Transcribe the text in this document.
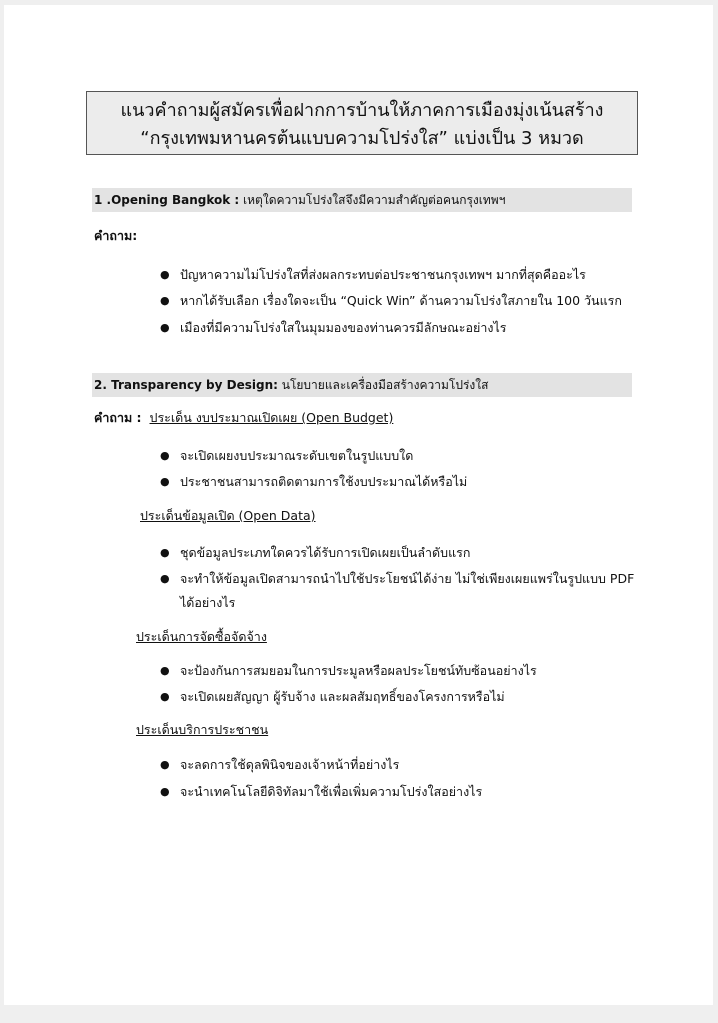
แนวคำถามผู้สมัครเพื่อฝากการบ้านให้ภาคการเมืองมุ่งเน้นสร้าง
“กรุงเทพมหานครต้นแบบความโปร่งใส” แบ่งเป็น 3 หมวด
1 .Opening Bangkok : เหตุใดความโปร่งใสจึงมีความสำคัญต่อคนกรุงเทพฯ
คำถาม:
● ปัญหาความไม่โปร่งใสที่ส่งผลกระทบต่อประชาชนกรุงเทพฯ มากที่สุดคืออะไร
● หากได้รับเลือก เรื่องใดจะเป็น “Quick Win” ด้านความโปร่งใสภายใน 100 วันแรก
● เมืองที่มีความโปร่งใสในมุมมองของท่านควรมีลักษณะอย่างไร
2. Transparency by Design: นโยบายและเครื่องมือสร้างความโปร่งใส
คำถาม : ประเด็น งบประมาณเปิดเผย (Open Budget)
● จะเปิดเผยงบประมาณระดับเขตในรูปแบบใด
● ประชาชนสามารถติดตามการใช้งบประมาณได้หรือไม่
ประเด็นข้อมูลเปิด (Open Data)
● ชุดข้อมูลประเภทใดควรได้รับการเปิดเผยเป็นลำดับแรก
● จะทำให้ข้อมูลเปิดสามารถนำไปใช้ประโยชน์ได้ง่าย ไม่ใช่เพียงเผยแพร่ในรูปแบบ PDF
ได้อย่างไร
ประเด็นการจัดซื้อจัดจ้าง
● จะป้องกันการสมยอมในการประมูลหรือผลประโยชน์ทับซ้อนอย่างไร
● จะเปิดเผยสัญญา ผู้รับจ้าง และผลสัมฤทธิ์ของโครงการหรือไม่
ประเด็นบริการประชาชน
● จะลดการใช้ดุลพินิจของเจ้าหน้าที่อย่างไร
● จะนำเทคโนโลยีดิจิทัลมาใช้เพื่อเพิ่มความโปร่งใสอย่างไร
